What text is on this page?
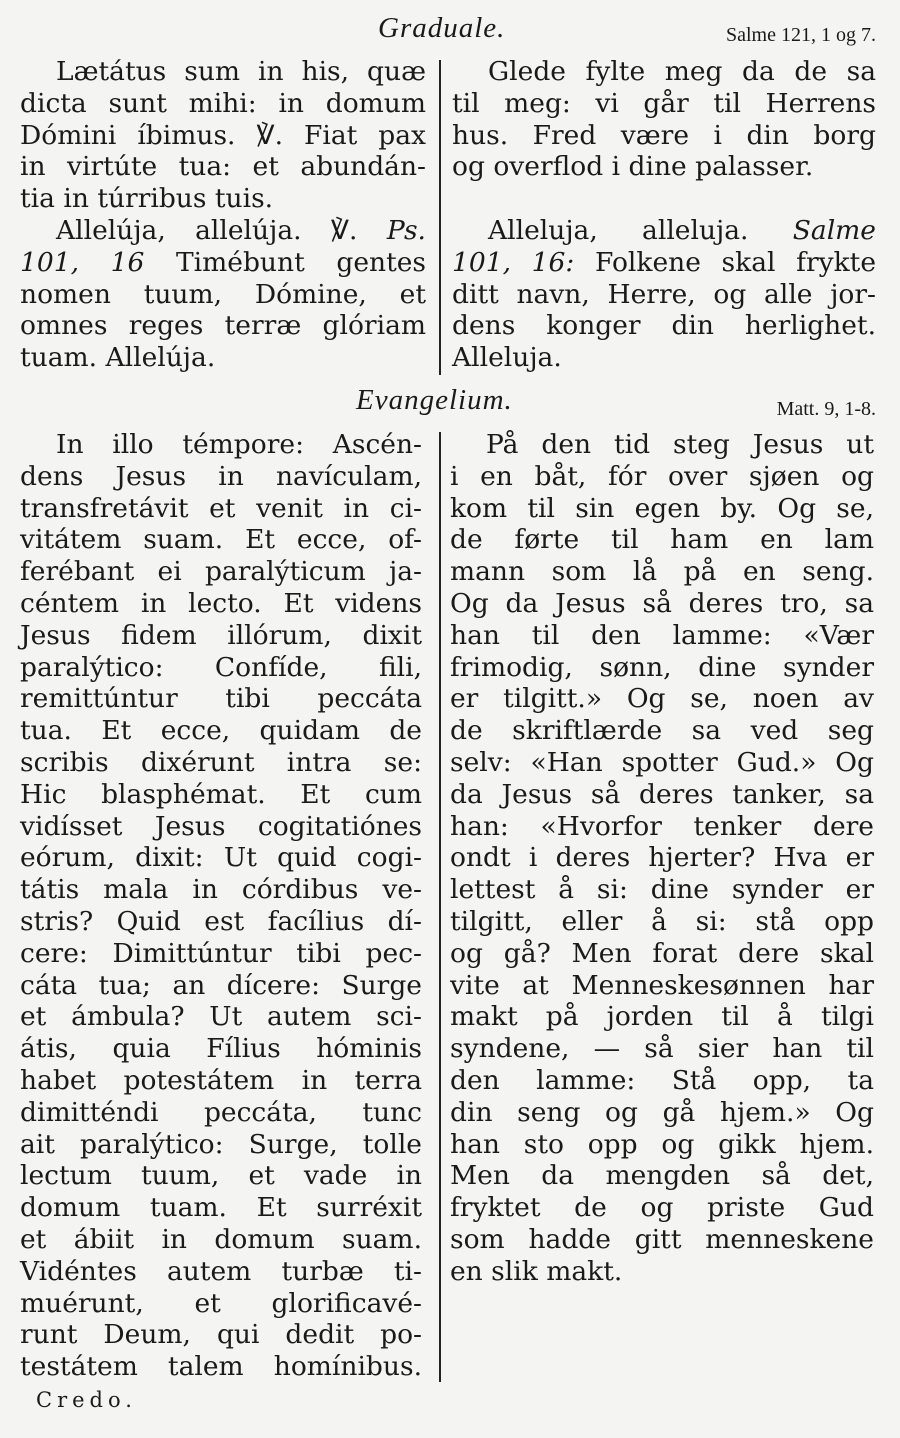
Graduale.	Salme 121, 1 og 7.
Lætátus sum in his, quæ
dicta sunt mihi: in domum
Dómini íbimus. ℣. Fiat pax
in virtúte tua: et abundán-
tia in túrribus tuis.
Allelúja, allelúja. ℣. Ps.
101, 16 Timébunt gentes
nomen tuum, Dómine, et
omnes reges terræ glóriam
tuam. Allelúja.
Glede fylte meg da de sa
til meg: vi går til Herrens
hus. Fred være i din borg
og overflod i dine palasser.

Alleluja, alleluja. Salme
101, 16: Folkene skal frykte
ditt navn, Herre, og alle jor-
dens konger din herlighet.
Alleluja.
Evangelium.	Matt. 9, 1-8.
In illo témpore: Ascén-
dens Jesus in navículam,
transfretávit et venit in ci-
vitátem suam. Et ecce, of-
ferébant ei paralýticum ja-
céntem in lecto. Et videns
Jesus fidem illórum, dixit
paralýtico: Confíde, fili,
remittúntur tibi peccáta
tua. Et ecce, quidam de
scribis dixérunt intra se:
Hic blasphémat. Et cum
vidísset Jesus cogitatiónes
eórum, dixit: Ut quid cogi-
tátis mala in córdibus ve-
stris? Quid est facílius dí-
cere: Dimittúntur tibi pec-
cáta tua; an dícere: Surge
et ámbula? Ut autem sci-
átis, quia Fílius hóminis
habet potestátem in terra
dimitténdi peccáta, tunc
ait paralýtico: Surge, tolle
lectum tuum, et vade in
domum tuam. Et surréxit
et ábiit in domum suam.
Vidéntes autem turbæ ti-
muérunt, et glorificavé-
runt Deum, qui dedit po-
testátem talem homínibus.
På den tid steg Jesus ut
i en båt, fór over sjøen og
kom til sin egen by. Og se,
de førte til ham en lam
mann som lå på en seng.
Og da Jesus så deres tro, sa
han til den lamme: «Vær
frimodig, sønn, dine synder
er tilgitt.» Og se, noen av
de skriftlærde sa ved seg
selv: «Han spotter Gud.» Og
da Jesus så deres tanker, sa
han: «Hvorfor tenker dere
ondt i deres hjerter? Hva er
lettest å si: dine synder er
tilgitt, eller å si: stå opp
og gå? Men forat dere skal
vite at Menneskesønnen har
makt på jorden til å tilgi
syndene, — så sier han til
den lamme: Stå opp, ta
din seng og gå hjem.» Og
han sto opp og gikk hjem.
Men da mengden så det,
fryktet de og priste Gud
som hadde gitt menneskene
en slik makt.
Credo.
